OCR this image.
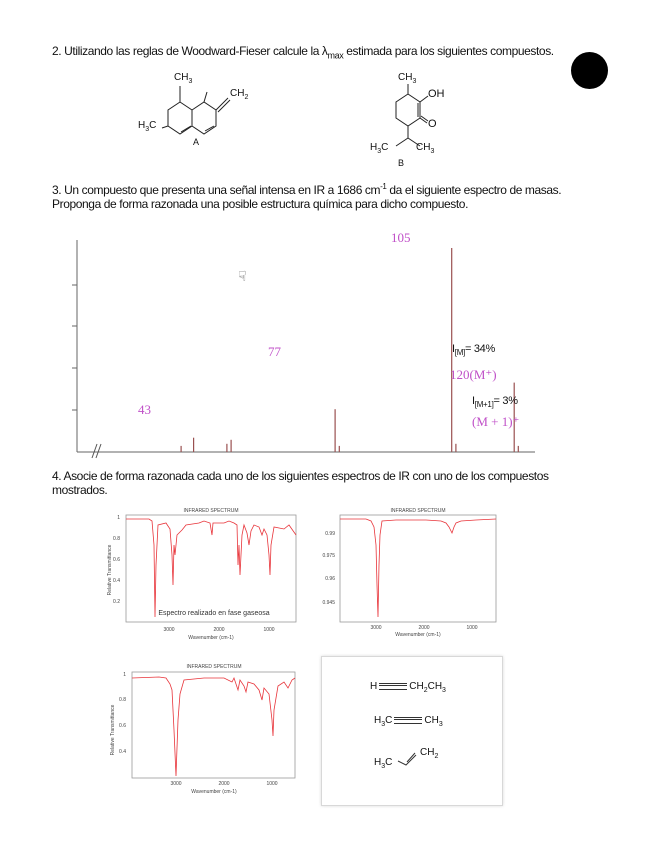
2. Utilizando las reglas de Woodward-Fieser calcule la $\lambda_{max}$ estimada para los siguientes compuestos.

$CH_3$
$CH_2$
$H_3C$
A
$CH_3$
OH
O
$H_3C$	$CH_3$
B

3. Un compuesto que presenta una señal intensa en IR a 1686 $cm^{-1}$ da el siguiente espectro de masas. Proponga de forma razonada una posible estructura química para dicho compuesto.

43
77
105
☟
$I_{[M]}= 34\%$
120(M⁺)
$I_{[M+1]}= 3\%$
(M + 1)⁺

4. Asocie de forma razonada cada uno de los siguientes espectros de IR con uno de los compuestos mostrados.

INFRARED SPECTRUM
1
0.8
0.6
0.4
0.2
3000	2000	1000
Wavenumber (cm-1)
Relative Transmittance
Espectro realizado en fase gaseosa
INFRARED SPECTRUM
0.99
0.975
0.96
0.945
3000	2000	1000
Wavenumber (cm-1)
INFRARED SPECTRUM
1
0.8
0.6
0.4
3000	2000	1000
Wavenumber (cm-1)
Relative Transmittance
H	$CH_2CH_3$
$H_3C$	$CH_3$
$H_3C$
$CH_2$
